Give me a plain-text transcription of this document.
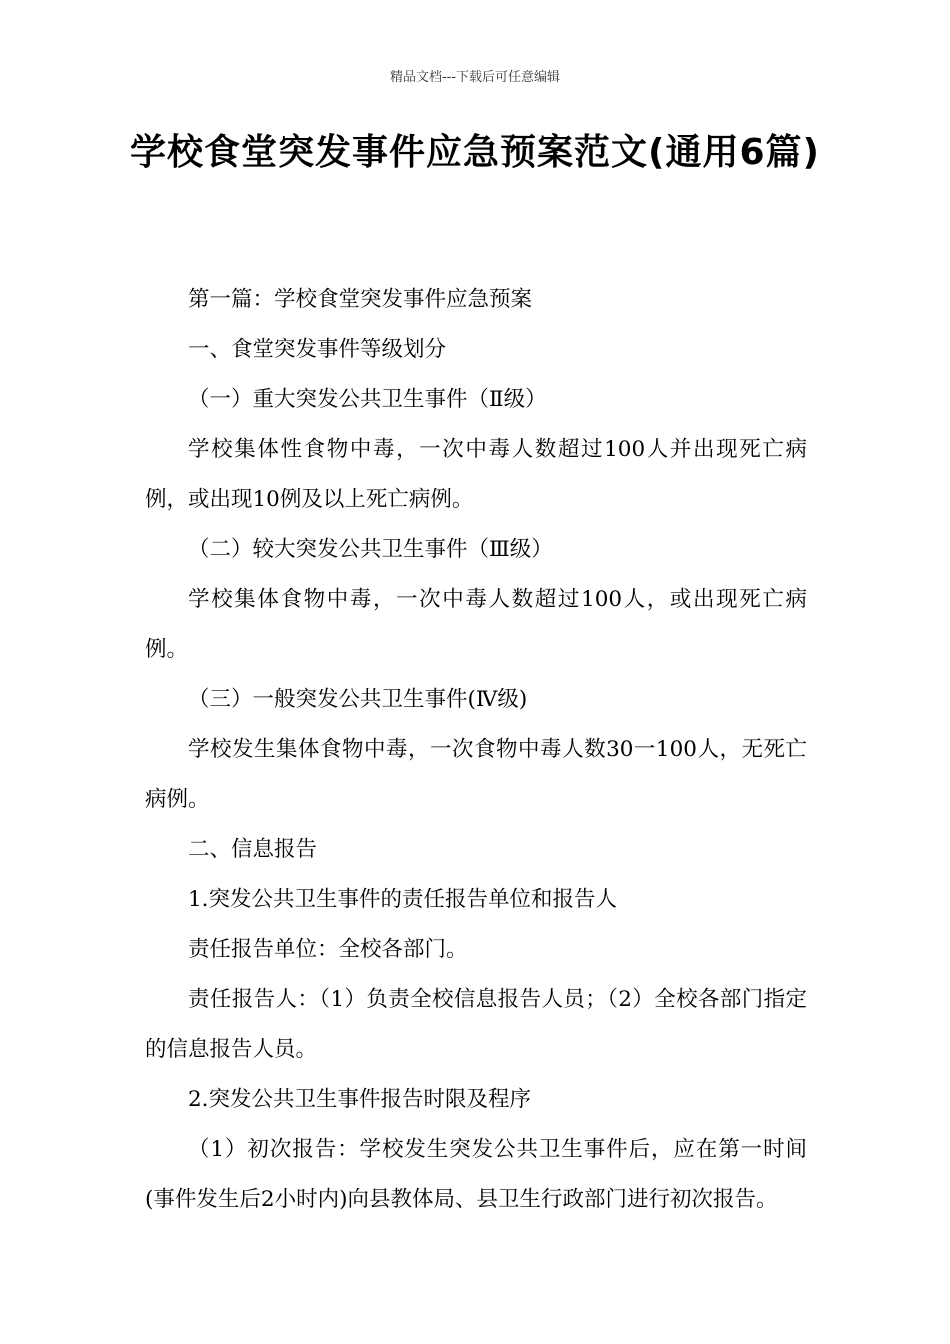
精品文档---下载后可任意编辑
学校食堂突发事件应急预案范文(通用6篇)

第一篇：学校食堂突发事件应急预案

一、食堂突发事件等级划分

（一）重大突发公共卫生事件（Ⅱ级）

学校集体性食物中毒，一次中毒人数超过100人并出现死亡病例，或出现10例及以上死亡病例。

（二）较大突发公共卫生事件（Ⅲ级）

学校集体食物中毒，一次中毒人数超过100人，或出现死亡病例。

（三）一般突发公共卫生事件(Ⅳ级)

学校发生集体食物中毒，一次食物中毒人数30一100人，无死亡病例。

二、信息报告

1.突发公共卫生事件的责任报告单位和报告人

责任报告单位：全校各部门。

责任报告人：（1）负责全校信息报告人员；（2）全校各部门指定的信息报告人员。

2.突发公共卫生事件报告时限及程序

（1）初次报告：学校发生突发公共卫生事件后，应在第一时间(事件发生后2小时内)向县教体局、县卫生行政部门进行初次报告。
